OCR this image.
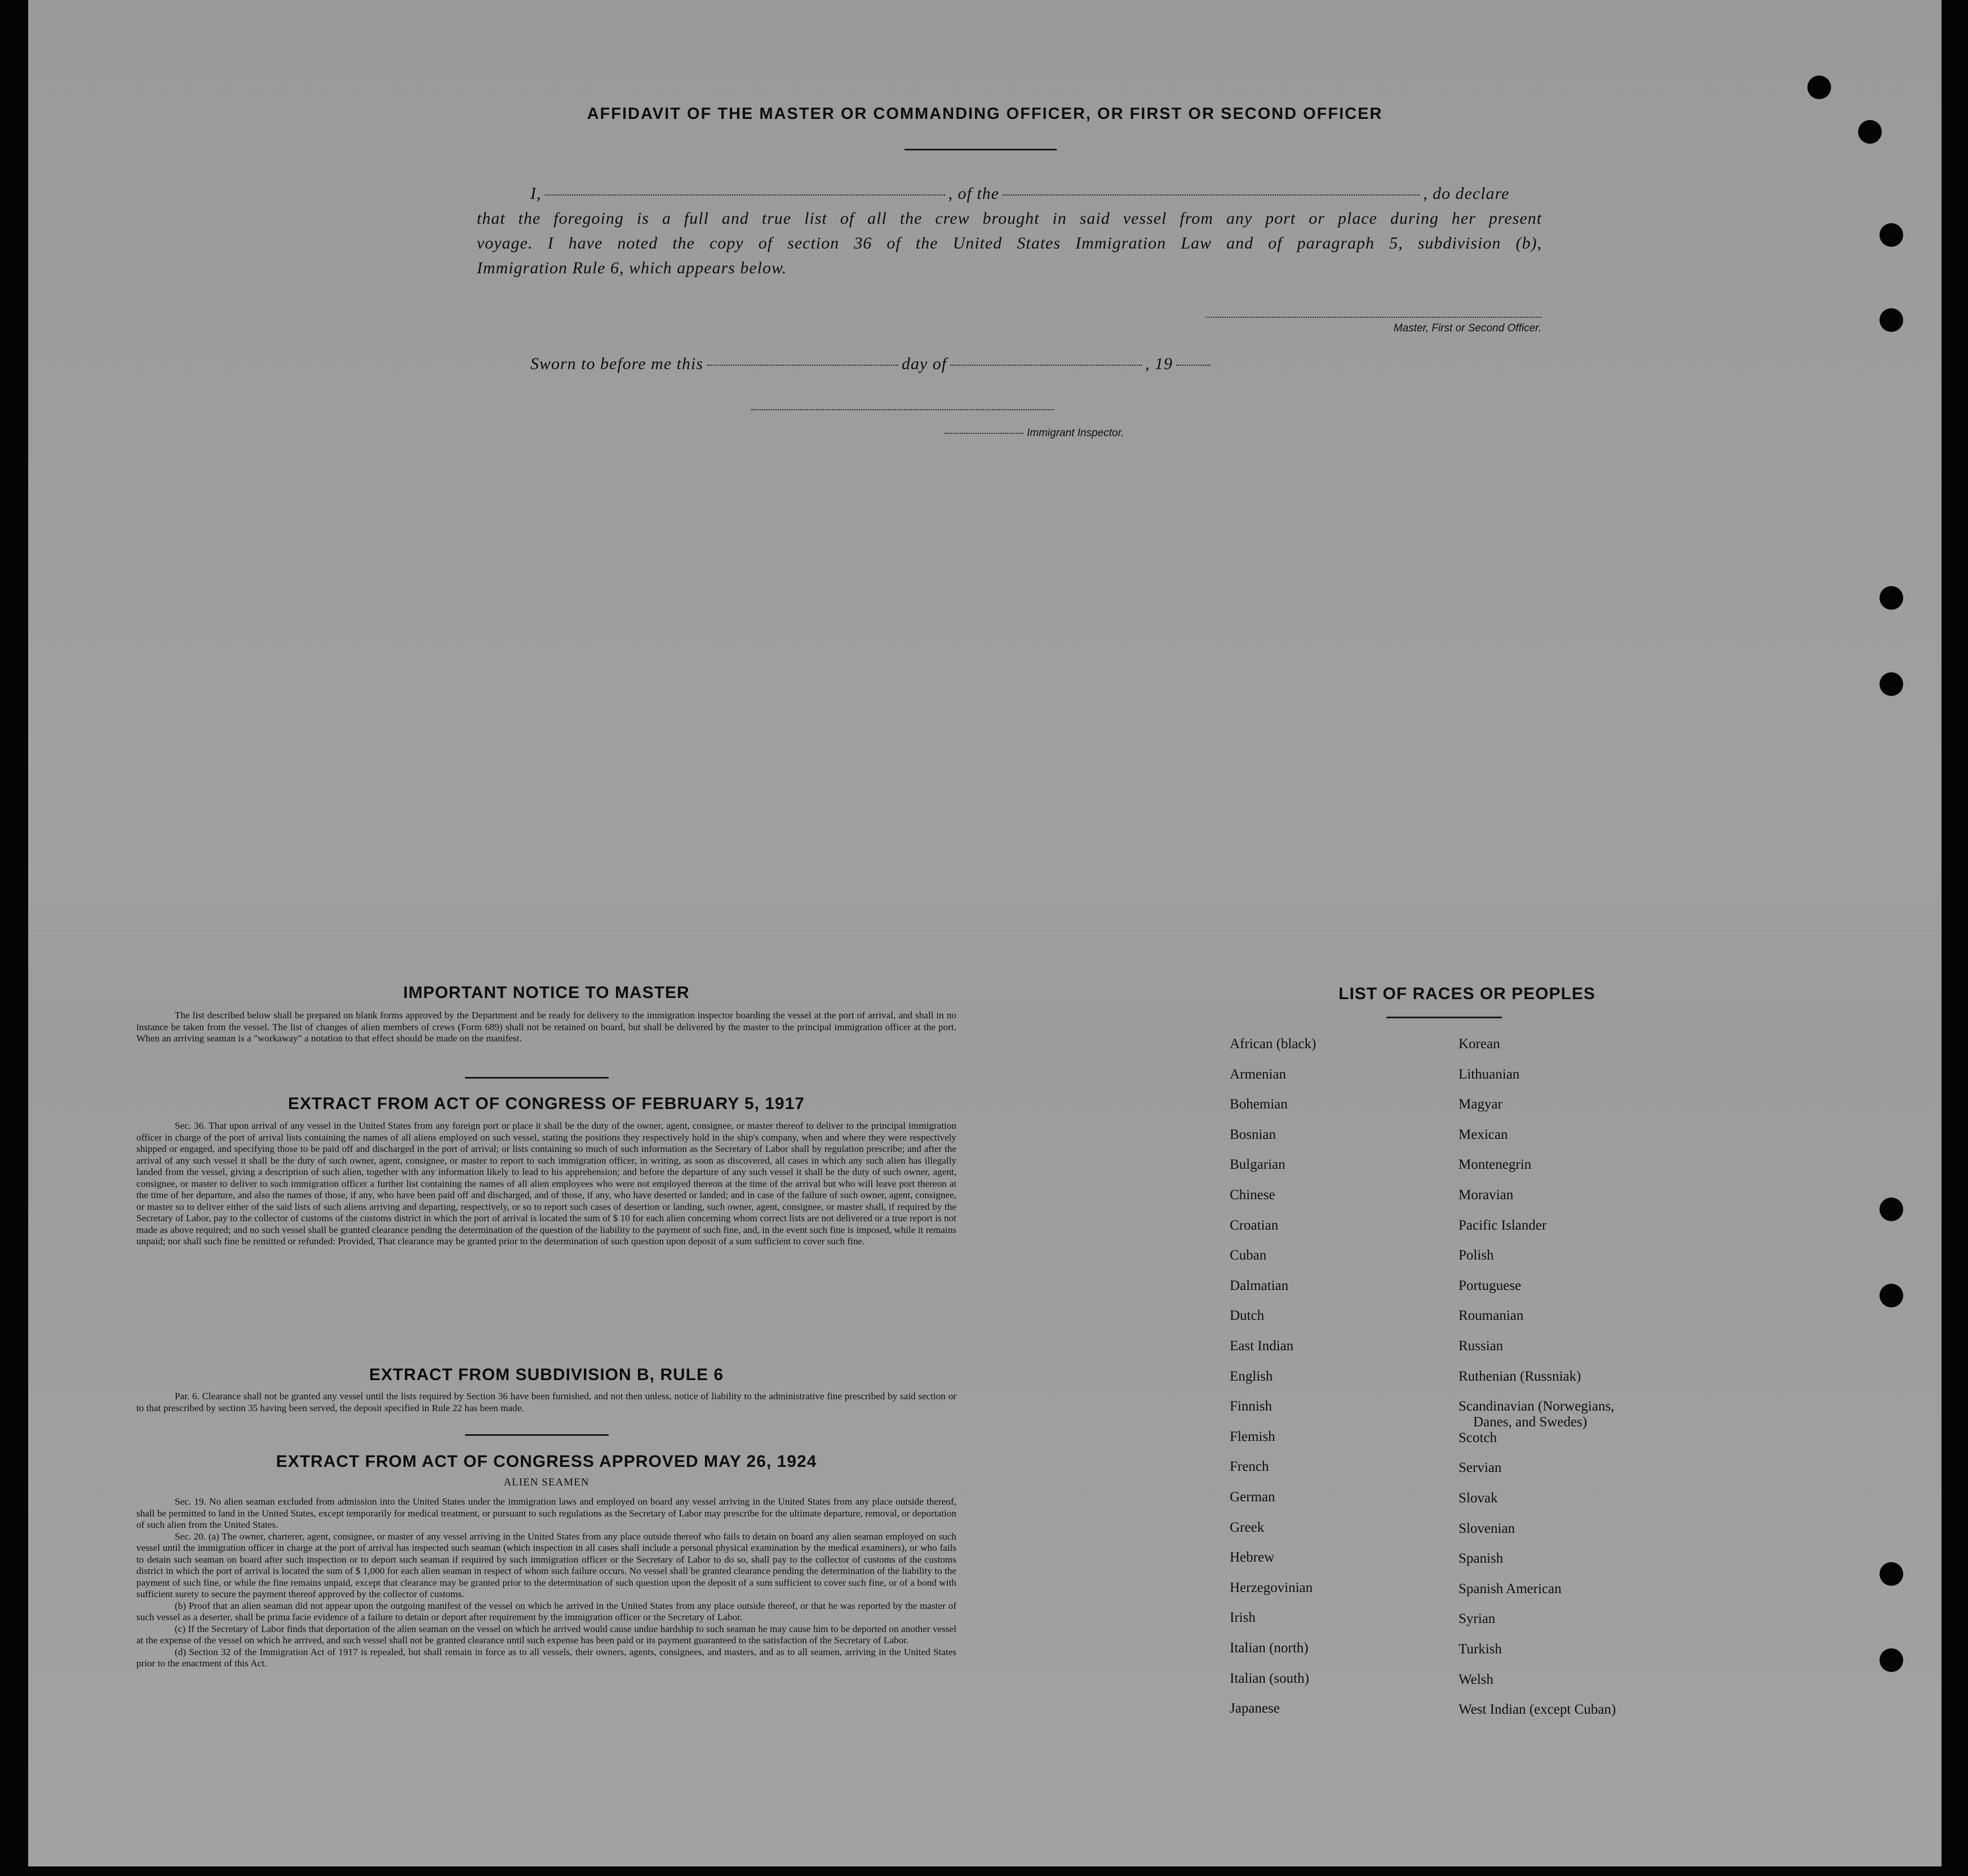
AFFIDAVIT OF THE MASTER OR COMMANDING OFFICER, OR FIRST OR SECOND OFFICER
I,	, of the	, do declare
that the foregoing is a full and true list of all the crew brought in said vessel from any port or place during her present
voyage. I have noted the copy of section 36 of the United States Immigration Law and of paragraph 5, subdivision (b),
Immigration Rule 6, which appears below.
Master, First or Second Officer.
Sworn to before me this	day of	, 19
Immigrant Inspector.
IMPORTANT NOTICE TO MASTER

The list described below shall be prepared on blank forms approved by the Department and be ready for delivery to the immigration inspector boarding the vessel at the port of arrival, and shall in no instance be taken from the vessel. The list of changes of alien members of crews (Form 689) shall not be retained on board, but shall be delivered by the master to the principal immigration officer at the port. When an arriving seaman is a "workaway" a notation to that effect should be made on the manifest.

EXTRACT FROM ACT OF CONGRESS OF FEBRUARY 5, 1917

Sec. 36. That upon arrival of any vessel in the United States from any foreign port or place it shall be the duty of the owner, agent, consignee, or master thereof to deliver to the principal immigration officer in charge of the port of arrival lists containing the names of all aliens employed on such vessel, stating the positions they respectively hold in the ship's company, when and where they were respectively shipped or engaged, and specifying those to be paid off and discharged in the port of arrival; or lists containing so much of such information as the Secretary of Labor shall by regulation prescribe; and after the arrival of any such vessel it shall be the duty of such owner, agent, consignee, or master to report to such immigration officer, in writing, as soon as discovered, all cases in which any such alien has illegally landed from the vessel, giving a description of such alien, together with any information likely to lead to his apprehension; and before the departure of any such vessel it shall be the duty of such owner, agent, consignee, or master to deliver to such immigration officer a further list containing the names of all alien employees who were not employed thereon at the time of the arrival but who will leave port thereon at the time of her departure, and also the names of those, if any, who have been paid off and discharged, and of those, if any, who have deserted or landed; and in case of the failure of such owner, agent, consignee, or master so to deliver either of the said lists of such aliens arriving and departing, respectively, or so to report such cases of desertion or landing, such owner, agent, consignee, or master shall, if required by the Secretary of Labor, pay to the collector of customs of the customs district in which the port of arrival is located the sum of $ 10 for each alien concerning whom correct lists are not delivered or a true report is not made as above required; and no such vessel shall be granted clearance pending the determination of the question of the liability to the payment of such fine, and, in the event such fine is imposed, while it remains unpaid; nor shall such fine be remitted or refunded: Provided, That clearance may be granted prior to the determination of such question upon deposit of a sum sufficient to cover such fine.

EXTRACT FROM SUBDIVISION B, RULE 6

Par. 6. Clearance shall not be granted any vessel until the lists required by Section 36 have been furnished, and not then unless, notice of liability to the administrative fine prescribed by said section or to that prescribed by section 35 having been served, the deposit specified in Rule 22 has been made.

EXTRACT FROM ACT OF CONGRESS APPROVED MAY 26, 1924
ALIEN SEAMEN

Sec. 19. No alien seaman excluded from admission into the United States under the immigration laws and employed on board any vessel arriving in the United States from any place outside thereof, shall be permitted to land in the United States, except temporarily for medical treatment, or pursuant to such regulations as the Secretary of Labor may prescribe for the ultimate departure, removal, or deportation of such alien from the United States.

Sec. 20. (a) The owner, charterer, agent, consignee, or master of any vessel arriving in the United States from any place outside thereof who fails to detain on board any alien seaman employed on such vessel until the immigration officer in charge at the port of arrival has inspected such seaman (which inspection in all cases shall include a personal physical examination by the medical examiners), or who fails to detain such seaman on board after such inspection or to deport such seaman if required by such immigration officer or the Secretary of Labor to do so, shall pay to the collector of customs of the customs district in which the port of arrival is located the sum of $ 1,000 for each alien seaman in respect of whom such failure occurs. No vessel shall be granted clearance pending the determination of the liability to the payment of such fine, or while the fine remains unpaid, except that clearance may be granted prior to the determination of such question upon the deposit of a sum sufficient to cover such fine, or of a bond with sufficient surety to secure the payment thereof approved by the collector of customs.

(b) Proof that an alien seaman did not appear upon the outgoing manifest of the vessel on which he arrived in the United States from any place outside thereof, or that he was reported by the master of such vessel as a deserter, shall be prima facie evidence of a failure to detain or deport after requirement by the immigration officer or the Secretary of Labor.

(c) If the Secretary of Labor finds that deportation of the alien seaman on the vessel on which he arrived would cause undue hardship to such seaman he may cause him to be deported on another vessel at the expense of the vessel on which he arrived, and such vessel shall not be granted clearance until such expense has been paid or its payment guaranteed to the satisfaction of the Secretary of Labor.

(d) Section 32 of the Immigration Act of 1917 is repealed, but shall remain in force as to all vessels, their owners, agents, consignees, and masters, and as to all seamen, arriving in the United States prior to the enactment of this Act.

LIST OF RACES OR PEOPLES
African (black)
Armenian
Bohemian
Bosnian
Bulgarian
Chinese
Croatian
Cuban
Dalmatian
Dutch
East Indian
English
Finnish
Flemish
French
German
Greek
Hebrew
Herzegovinian
Irish
Italian (north)
Italian (south)
Japanese
Korean
Lithuanian
Magyar
Mexican
Montenegrin
Moravian
Pacific Islander
Polish
Portuguese
Roumanian
Russian
Ruthenian (Russniak)
Scandinavian (Norwegians,
Danes, and Swedes)
Scotch
Servian
Slovak
Slovenian
Spanish
Spanish American
Syrian
Turkish
Welsh
West Indian (except Cuban)
